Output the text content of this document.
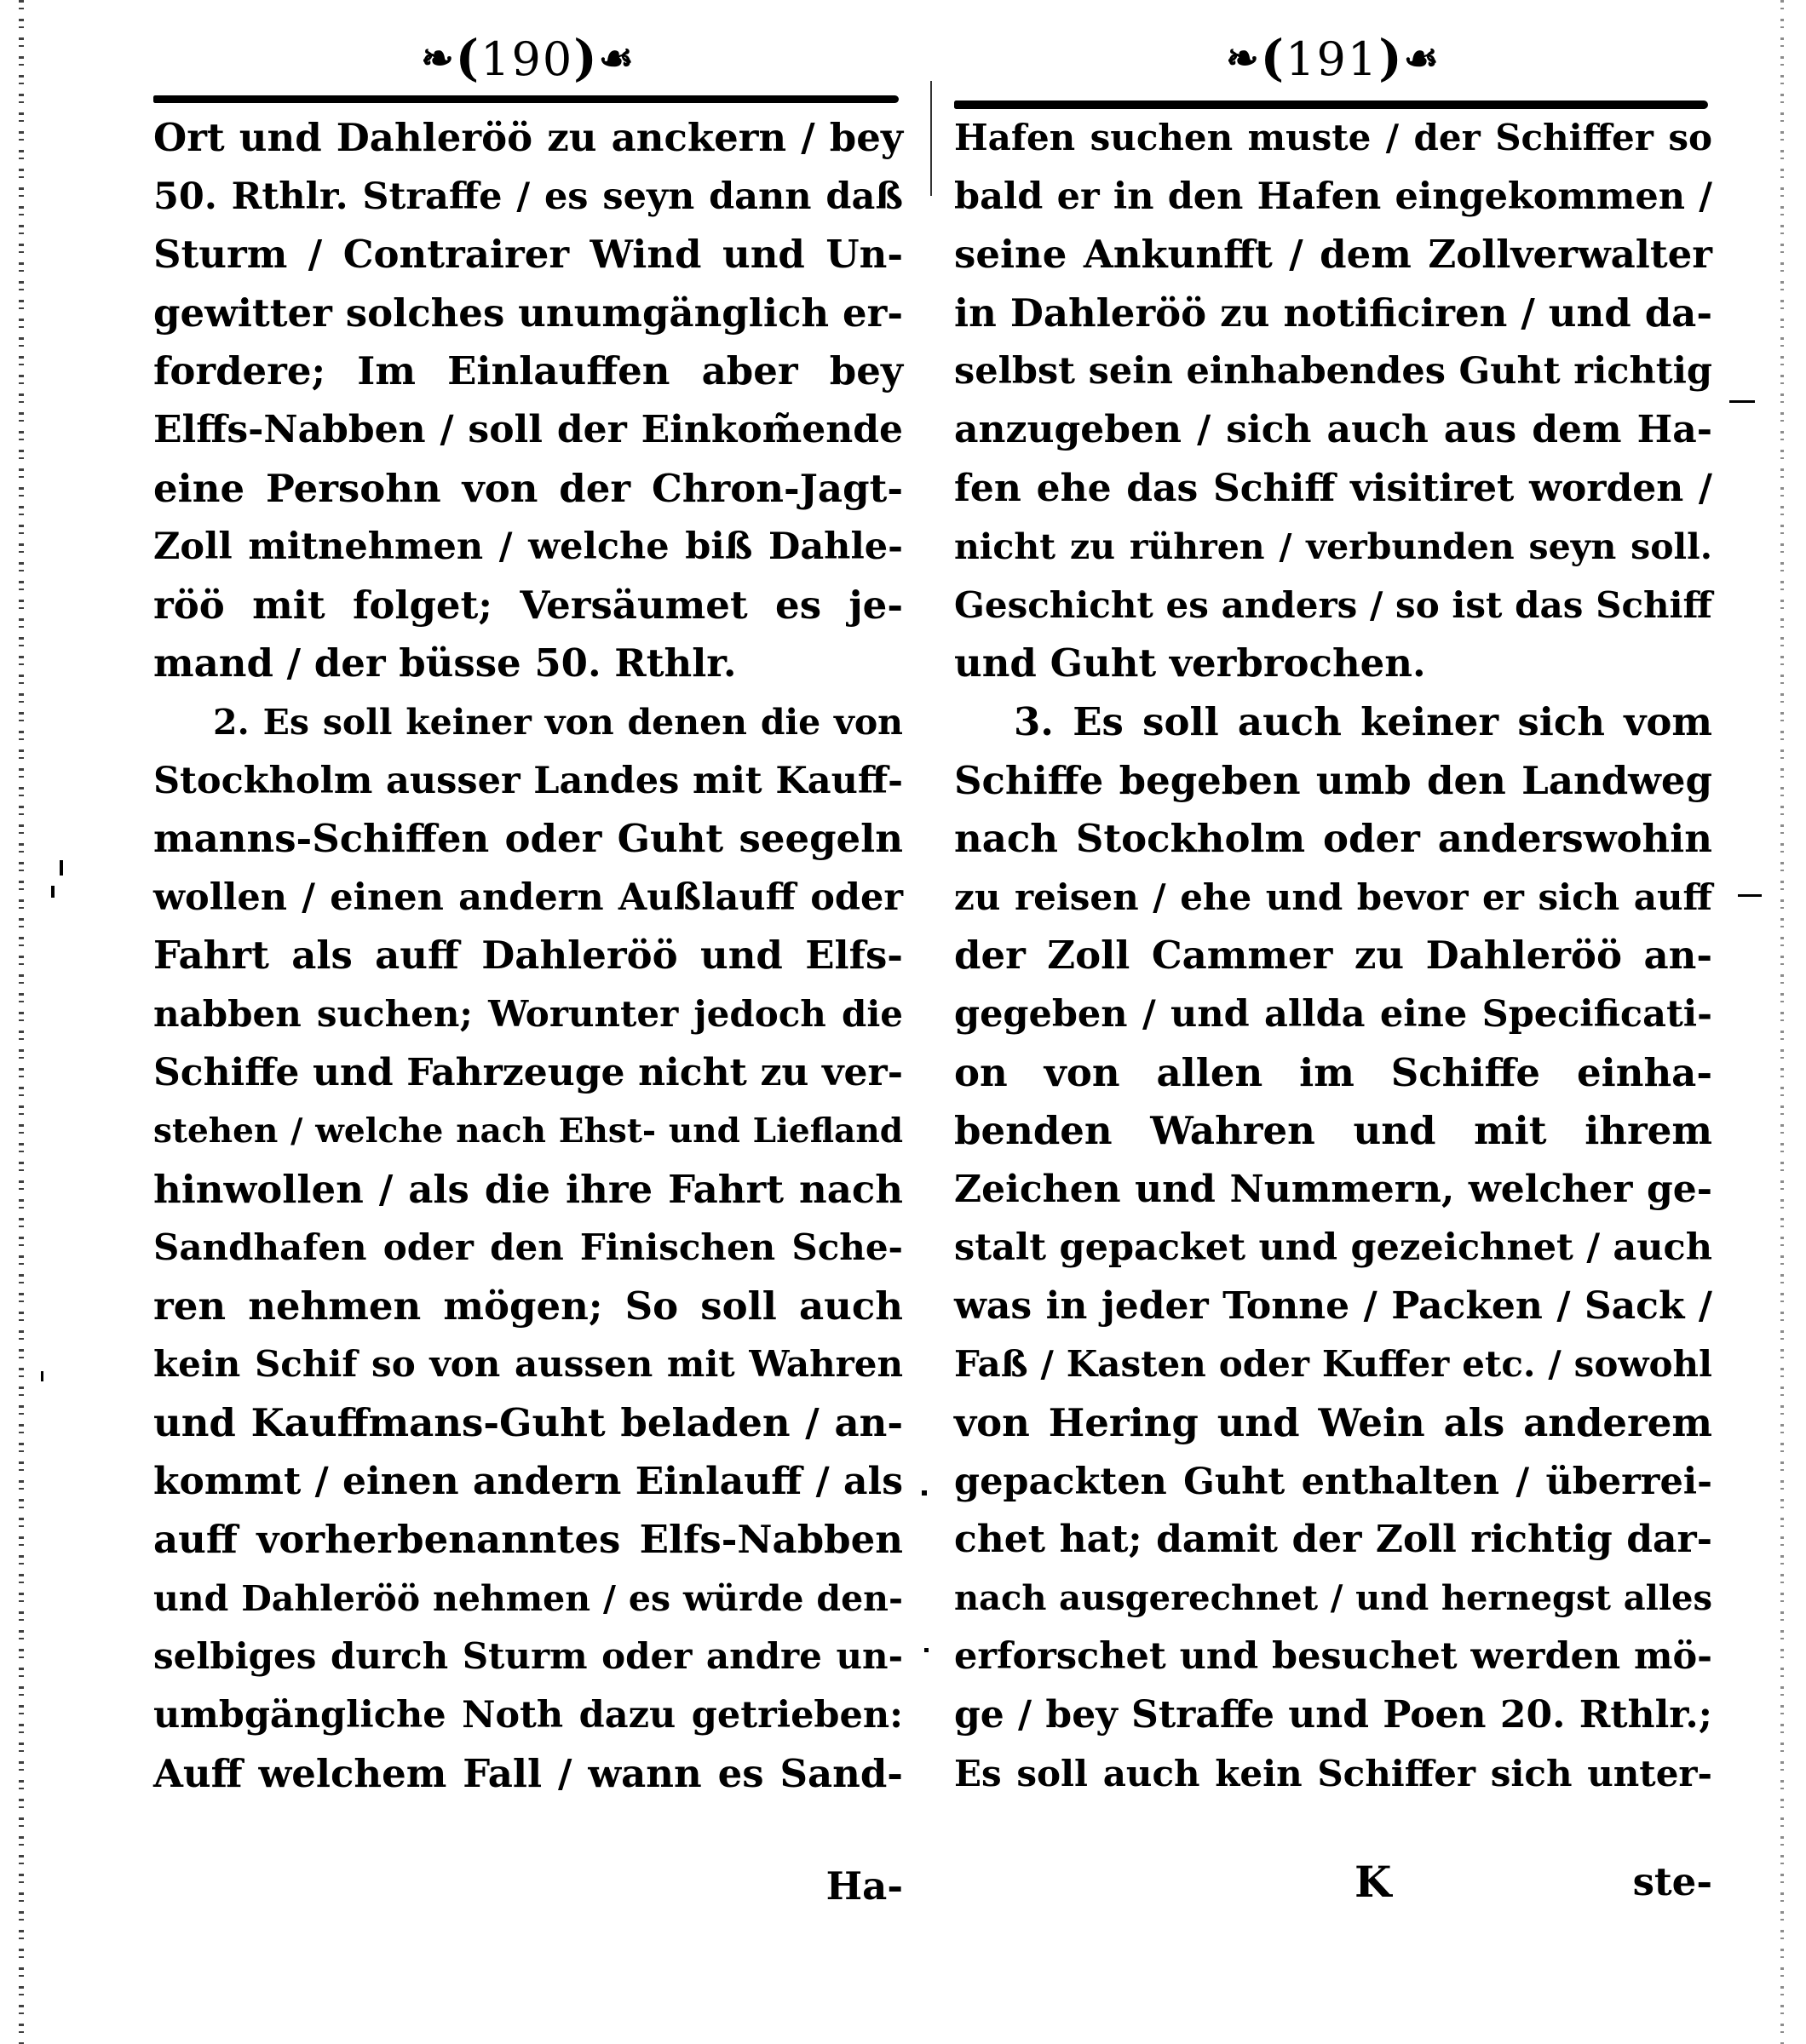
❧(190)☙
Ort und Dahlerӧӧ zu anckern / bey
50. Rthlr. Straffe / es seyn dann daß
Sturm / Contrairer Wind und Un-
gewitter solches unumgänglich er-
fordere; Im Einlauffen aber bey
Elffs-Nabben / soll der Einkom̃ende
eine Persohn von der Chron-Jagt-
Zoll mitnehmen / welche biß Dahle-
röö mit folget; Versäumet es je-
mand / der büsse 50. Rthlr.
2. Es soll keiner von denen die von
Stockholm ausser Landes mit Kauff-
manns-Schiffen oder Guht seegeln
wollen / einen andern Außlauff oder
Fahrt als auff Dahlerӧӧ und Elfs-
nabben suchen; Worunter jedoch die
Schiffe und Fahrzeuge nicht zu ver-
stehen / welche nach Ehst- und Liefland
hinwollen / als die ihre Fahrt nach
Sandhafen oder den Finischen Sche-
ren nehmen mögen; So soll auch
kein Schif so von aussen mit Wahren
und Kauffmans-Guht beladen / an-
kommt / einen andern Einlauff / als
auff vorherbenanntes Elfs-Nabben
und Dahlerӧӧ nehmen / es würde den-
selbiges durch Sturm oder andre un-
umbgängliche Noth dazu getrieben:
Auff welchem Fall / wann es Sand-
Ha-
❧(191)☙
Hafen suchen muste / der Schiffer so
bald er in den Hafen eingekommen /
seine Ankunfft / dem Zollverwalter
in Dahlerӧӧ zu notificiren / und da-
selbst sein einhabendes Guht richtig
anzugeben / sich auch aus dem Ha-
fen ehe das Schiff visitiret worden /
nicht zu rühren / verbunden seyn soll.
Geschicht es anders / so ist das Schiff
und Guht verbrochen.
3. Es soll auch keiner sich vom
Schiffe begeben umb den Landweg
nach Stockholm oder anderswohin
zu reisen / ehe und bevor er sich auff
der Zoll Cammer zu Dahlerӧӧ an-
gegeben / und allda eine Specificati-
on von allen im Schiffe einha-
benden Wahren und mit ihrem
Zeichen und Nummern, welcher ge-
stalt gepacket und gezeichnet / auch
was in jeder Tonne / Packen / Sack /
Faß / Kasten oder Kuffer etc. / sowohl
von Hering und Wein als anderem
gepackten Guht enthalten / überrei-
chet hat; damit der Zoll richtig dar-
nach ausgerechnet / und hernegst alles
erforschet und besuchet werden mö-
ge / bey Straffe und Poen 20. Rthlr.;
Es soll auch kein Schiffer sich unter-
K	ste-
